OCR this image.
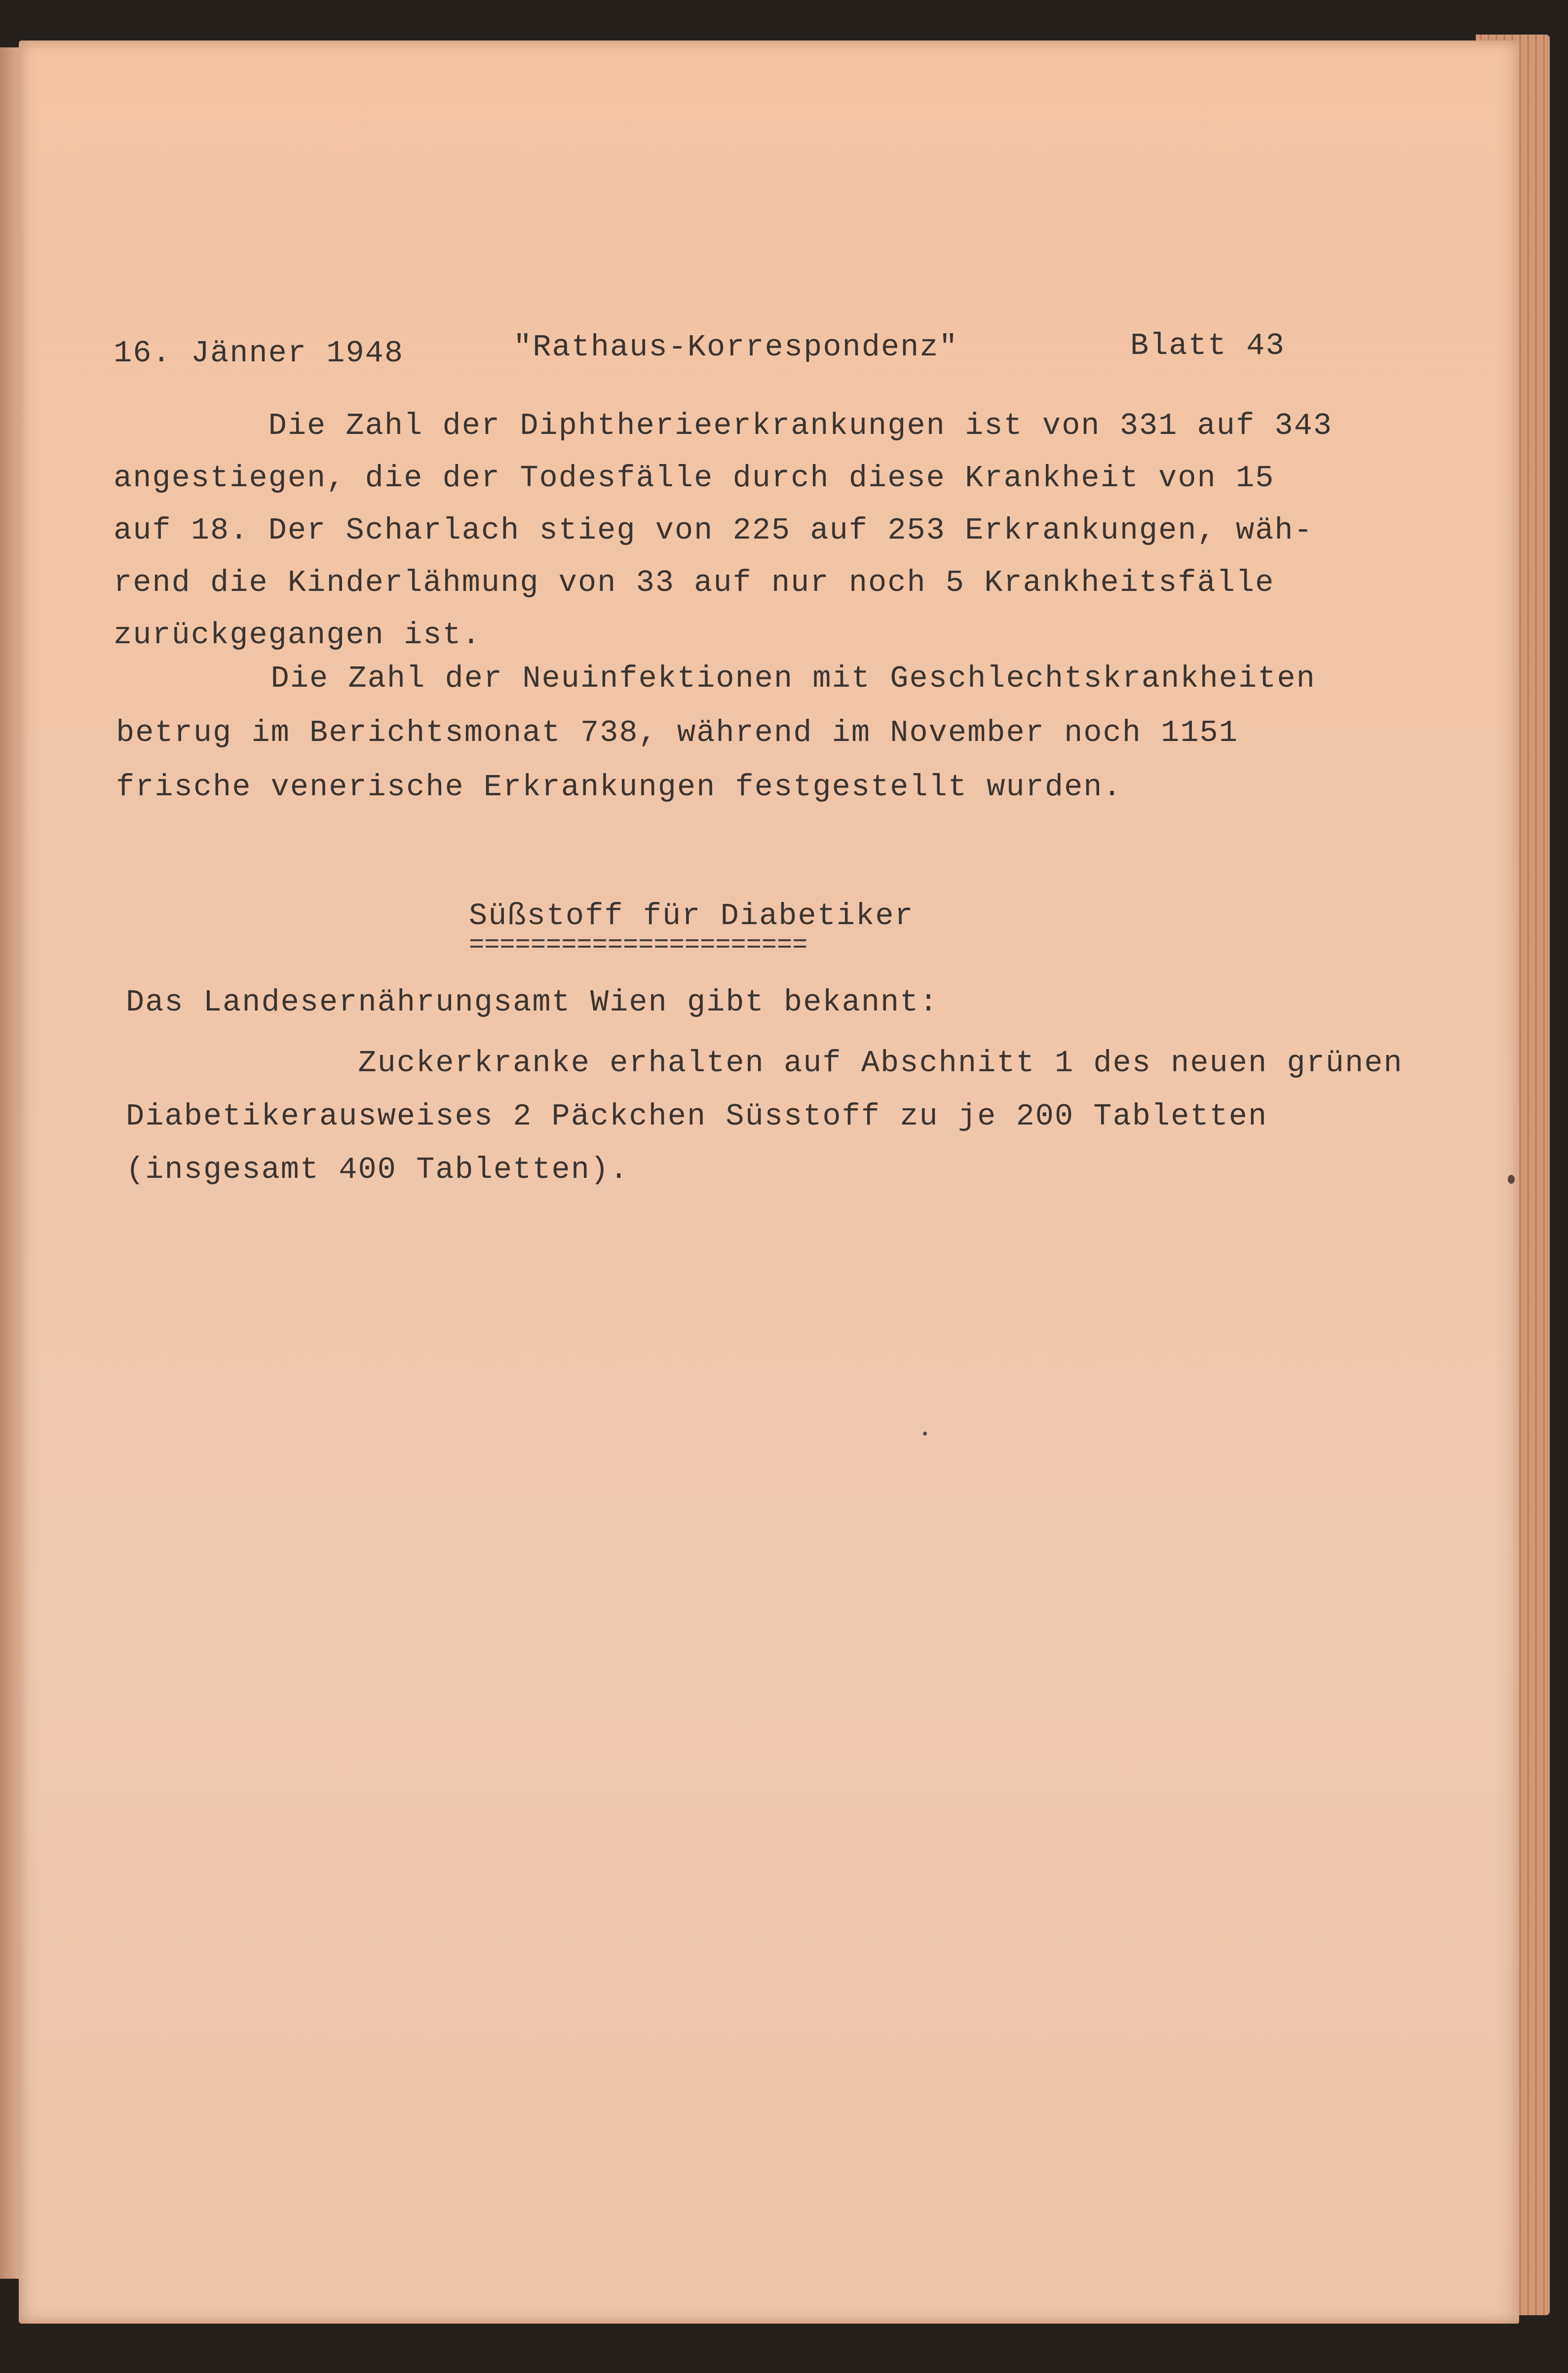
16. Jänner 1948	"Rathaus-Korrespondenz"	Blatt 43
Die Zahl der Diphtherieerkrankungen ist von 331 auf 343
angestiegen, die der Todesfälle durch diese Krankheit von 15
auf 18. Der Scharlach stieg von 225 auf 253 Erkrankungen, wäh-
rend die Kinderlähmung von 33 auf nur noch 5 Krankheitsfälle
zurückgegangen ist.
Die Zahl der Neuinfektionen mit Geschlechtskrankheiten
betrug im Berichtsmonat 738, während im November noch 1151
frische venerische Erkrankungen festgestellt wurden.
Süßstoff für Diabetiker
======================
Das Landesernährungsamt Wien gibt bekannt:
Zuckerkranke erhalten auf Abschnitt 1 des neuen grünen
Diabetikerausweises 2 Päckchen Süsstoff zu je 200 Tabletten
(insgesamt 400 Tabletten).
